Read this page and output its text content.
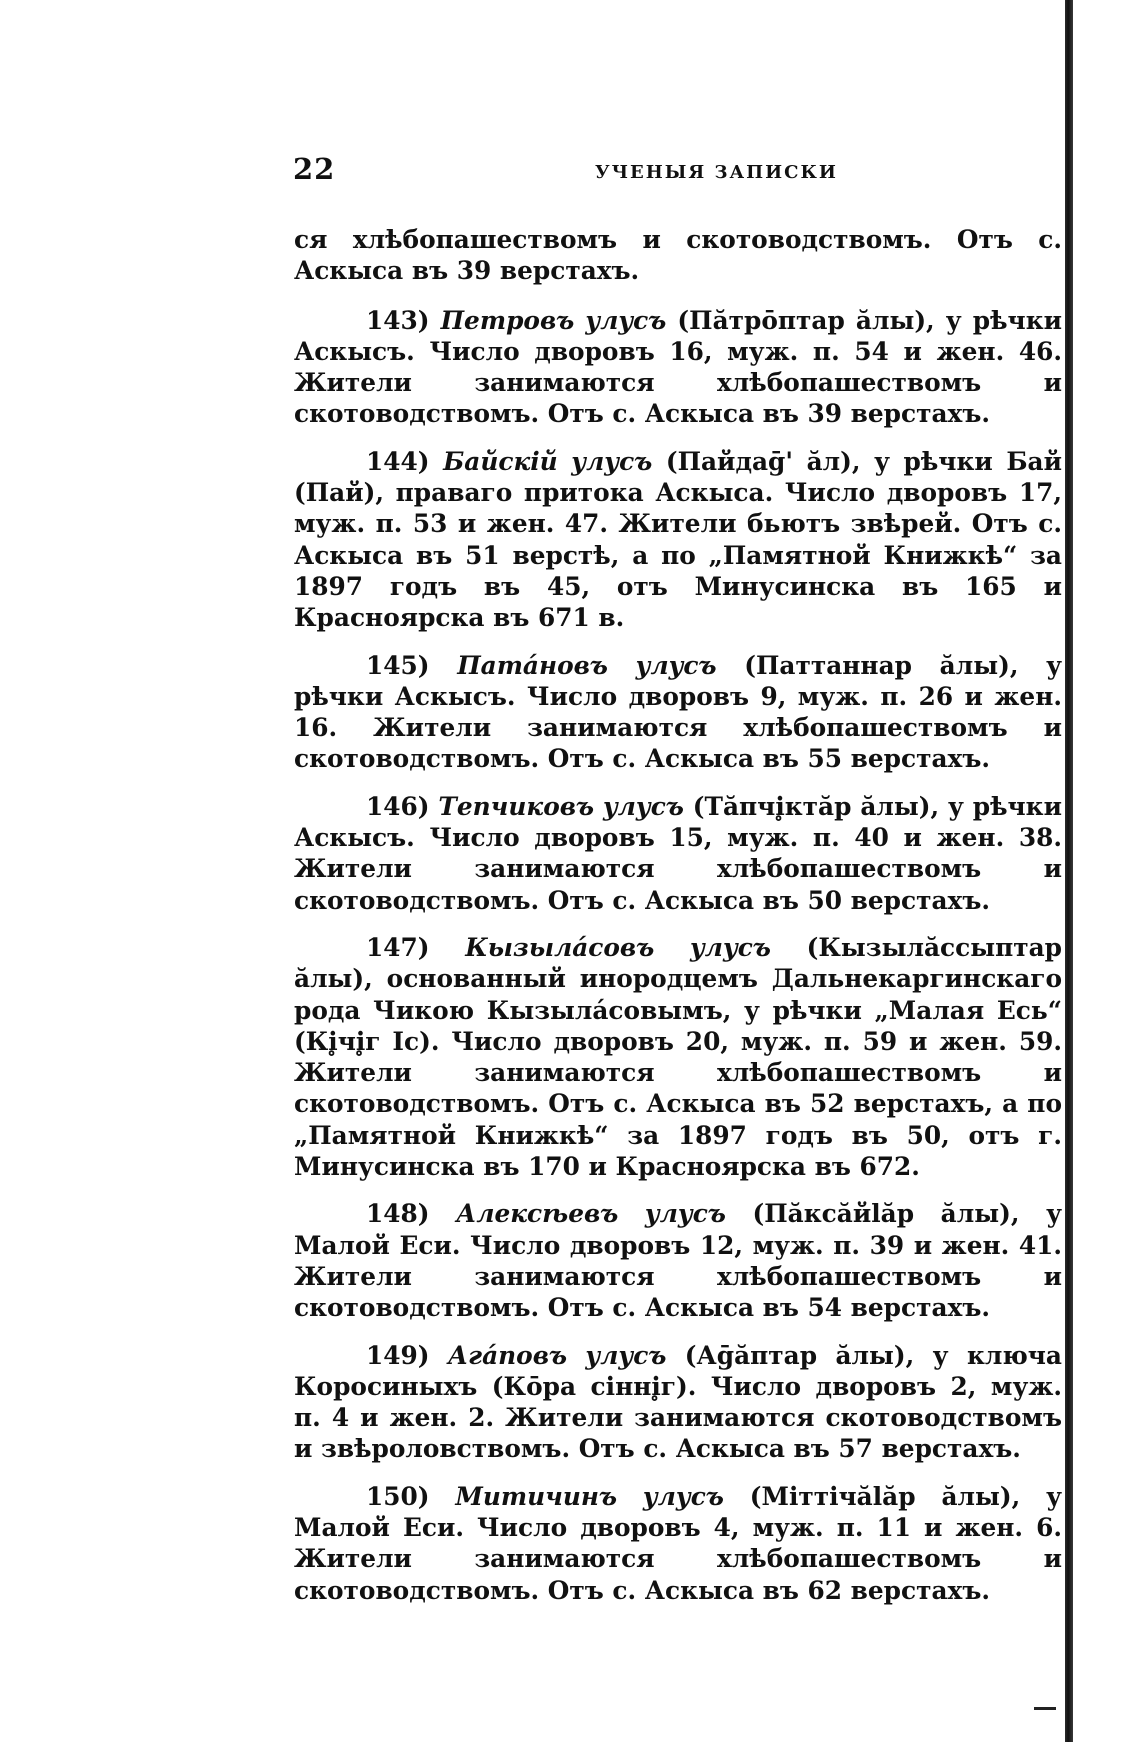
22	УЧЕНЫЯ ЗАПИСКИ

ся хлѣбопашествомъ и скотоводствомъ. Отъ с. Аскыса въ 39 верстахъ.

143) Петровъ улусъ (Пăтрōптар ăлы), у рѣчки Аскысъ. Число дворовъ 16, муж. п. 54 и жен. 46. Жители занимаются хлѣбопашествомъ и скотоводствомъ. Отъ с. Аскыса въ 39 верстахъ.

144) Байскій улусъ (Пайдаḡ' ăл), у рѣчки Бай (Пай), праваго притока Аскыса. Число дворовъ 17, муж. п. 53 и жен. 47. Жители бьютъ звѣрей. Отъ с. Аскыса въ 51 верстѣ, а по „Памятной Книжкѣ“ за 1897 годъ въ 45, отъ Минусинска въ 165 и Красноярска въ 671 в.

145) Патáновъ улусъ (Паттаннар ăлы), у рѣчки Аскысъ. Число дворовъ 9, муж. п. 26 и жен. 16. Жители занимаются хлѣбопашествомъ и скотоводствомъ. Отъ с. Аскыса въ 55 верстахъ.

146) Тепчиковъ улусъ (Тăпчі̥ктăр ăлы), у рѣчки Аскысъ. Число дворовъ 15, муж. п. 40 и жен. 38. Жители занимаются хлѣбопашествомъ и скотоводствомъ. Отъ с. Аскыса въ 50 верстахъ.

147) Кызылáсовъ улусъ (Кызылăссыптар ăлы), основанный инородцемъ Дальнекаргинскаго рода Чикою Кызылáсовымъ, у рѣчки „Малая Есь“ (Кі̥чі̥г Іс). Число дворовъ 20, муж. п. 59 и жен. 59. Жители занимаются хлѣбопашествомъ и скотоводствомъ. Отъ с. Аскыса въ 52 верстахъ, а по „Памятной Книжкѣ“ за 1897 годъ въ 50, отъ г. Минусинска въ 170 и Красноярска въ 672.

148) Алексѣевъ улусъ (Пăксăйlăр ăлы), у Малой Еси. Число дворовъ 12, муж. п. 39 и жен. 41. Жители занимаются хлѣбопашествомъ и скотоводствомъ. Отъ с. Аскыса въ 54 верстахъ.

149) Агáповъ улусъ (Аḡăптар ăлы), у ключа Коросиныхъ (Кōра сінні̥г). Число дворовъ 2, муж. п. 4 и жен. 2. Жители занимаются скотоводствомъ и звѣроловствомъ. Отъ с. Аскыса въ 57 верстахъ.

150) Митичинъ улусъ (Міттічălăр ăлы), у Малой Еси. Число дворовъ 4, муж. п. 11 и жен. 6. Жители занимаются хлѣбопашествомъ и скотоводствомъ. Отъ с. Аскыса въ 62 верстахъ.
